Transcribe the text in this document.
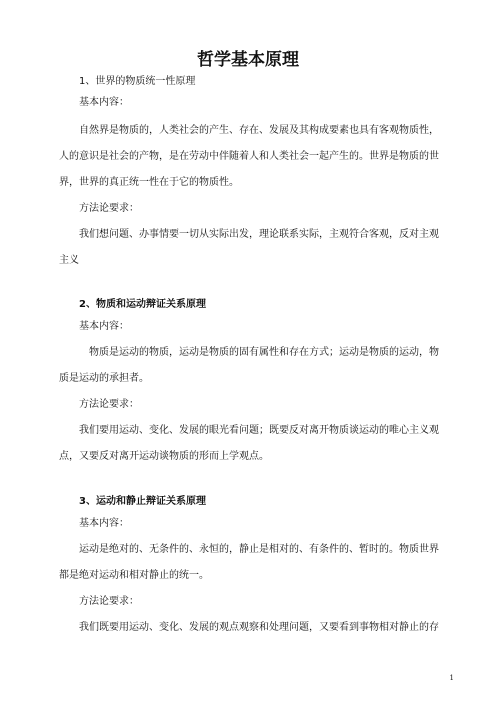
哲学基本原理
1、世界的物质统一性原理
基本内容：
自然界是物质的，人类社会的产生、存在、发展及其构成要素也具有客观物质性，
人的意识是社会的产物，是在劳动中伴随着人和人类社会一起产生的。世界是物质的世
界，世界的真正统一性在于它的物质性。
方法论要求：
我们想问题、办事情要一切从实际出发，理论联系实际，主观符合客观，反对主观
主义
2、物质和运动辩证关系原理
基本内容：
物质是运动的物质，运动是物质的固有属性和存在方式；运动是物质的运动，物
质是运动的承担者。
方法论要求：
我们要用运动、变化、发展的眼光看问题；既要反对离开物质谈运动的唯心主义观
点，又要反对离开运动谈物质的形而上学观点。
3、运动和静止辩证关系原理
基本内容：
运动是绝对的、无条件的、永恒的，静止是相对的、有条件的、暂时的。物质世界
都是绝对运动和相对静止的统一。
方法论要求：
我们既要用运动、变化、发展的观点观察和处理问题，又要看到事物相对静止的存
1
